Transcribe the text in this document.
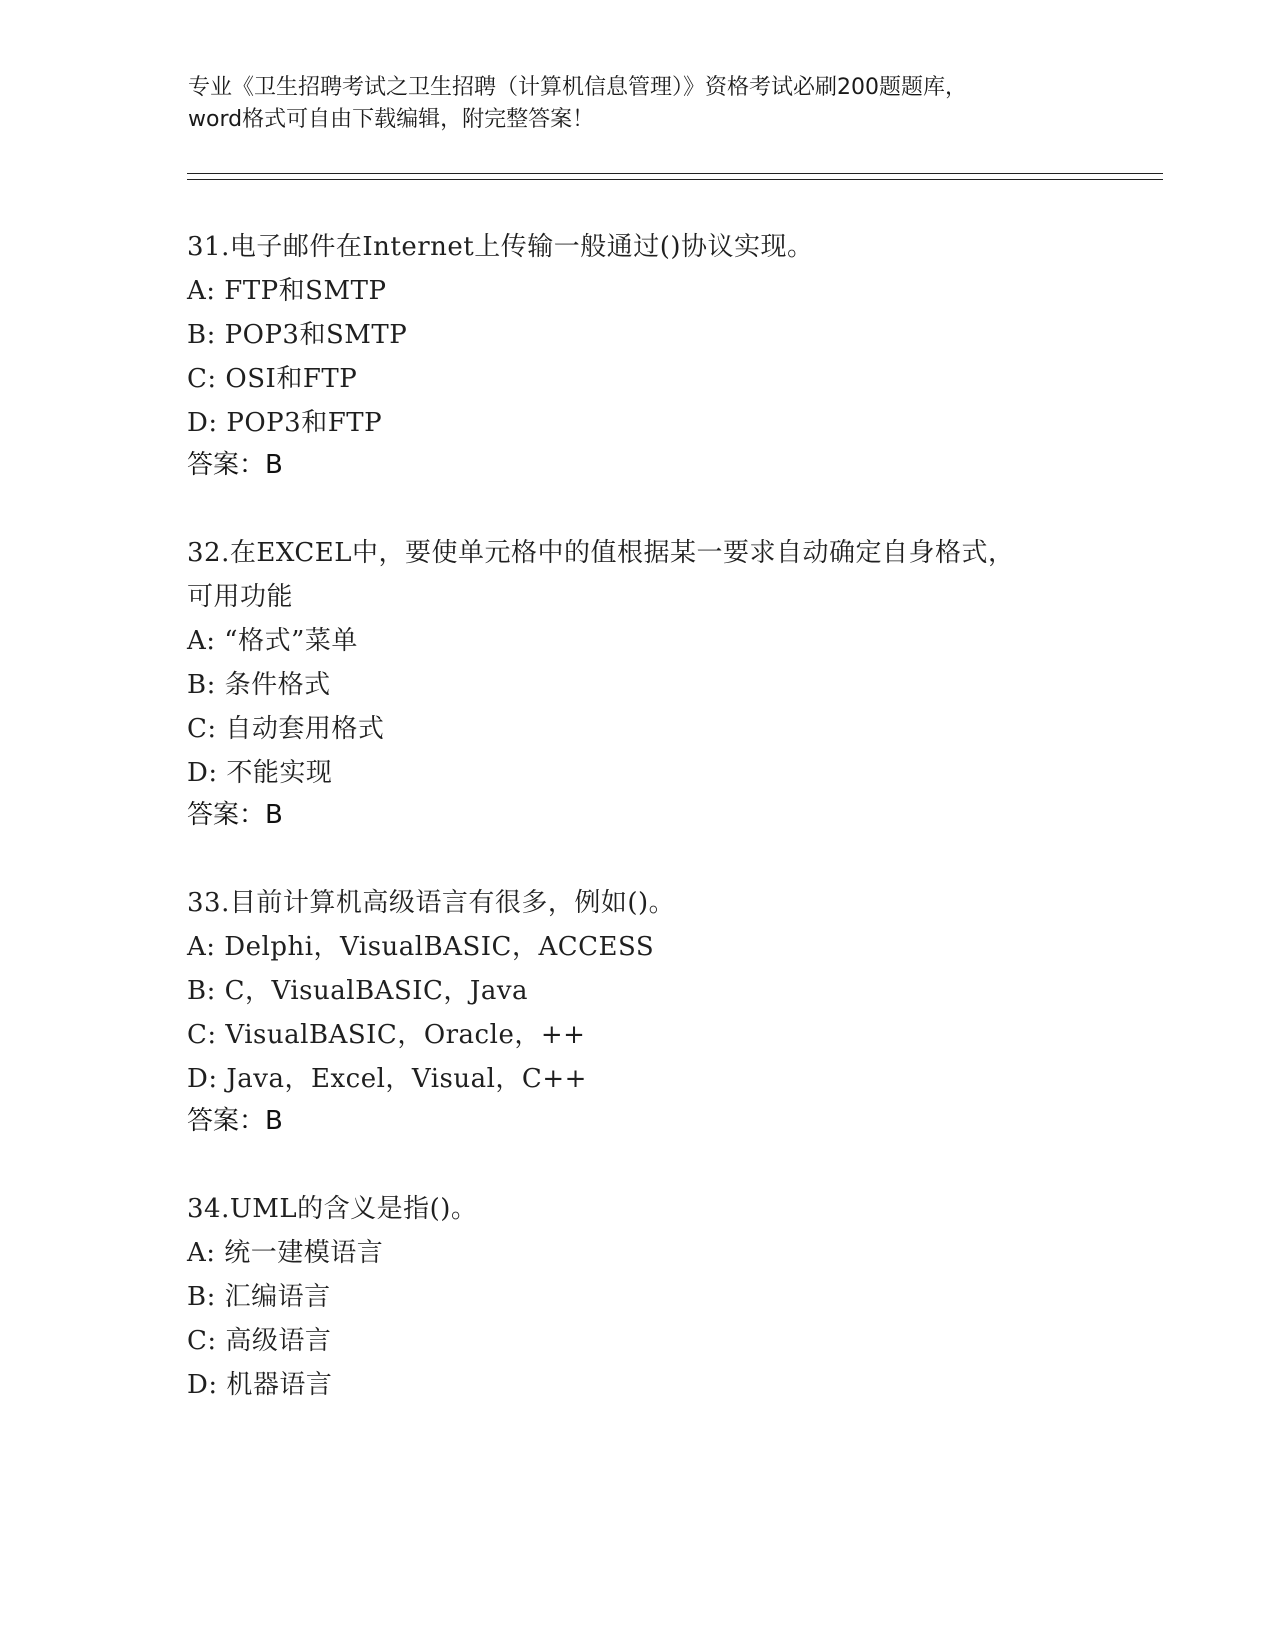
专业《卫生招聘考试之卫生招聘（计算机信息管理）》资格考试必刷200题题库，
word格式可自由下载编辑，附完整答案！
31.电子邮件在Internet上传输一般通过()协议实现。
A: FTP和SMTP
B: POP3和SMTP
C: OSI和FTP
D: POP3和FTP
答案：B
32.在EXCEL中，要使单元格中的值根据某一要求自动确定自身格式，
可用功能
A: “格式”菜单
B: 条件格式
C: 自动套用格式
D: 不能实现
答案：B
33.目前计算机高级语言有很多，例如()。
A: Delphi，VisualBASIC，ACCESS
B: C，VisualBASIC，Java
C: VisualBASIC，Oracle，++
D: Java，Excel，Visual，C++
答案：B
34.UML的含义是指()。
A: 统一建模语言
B: 汇编语言
C: 高级语言
D: 机器语言
